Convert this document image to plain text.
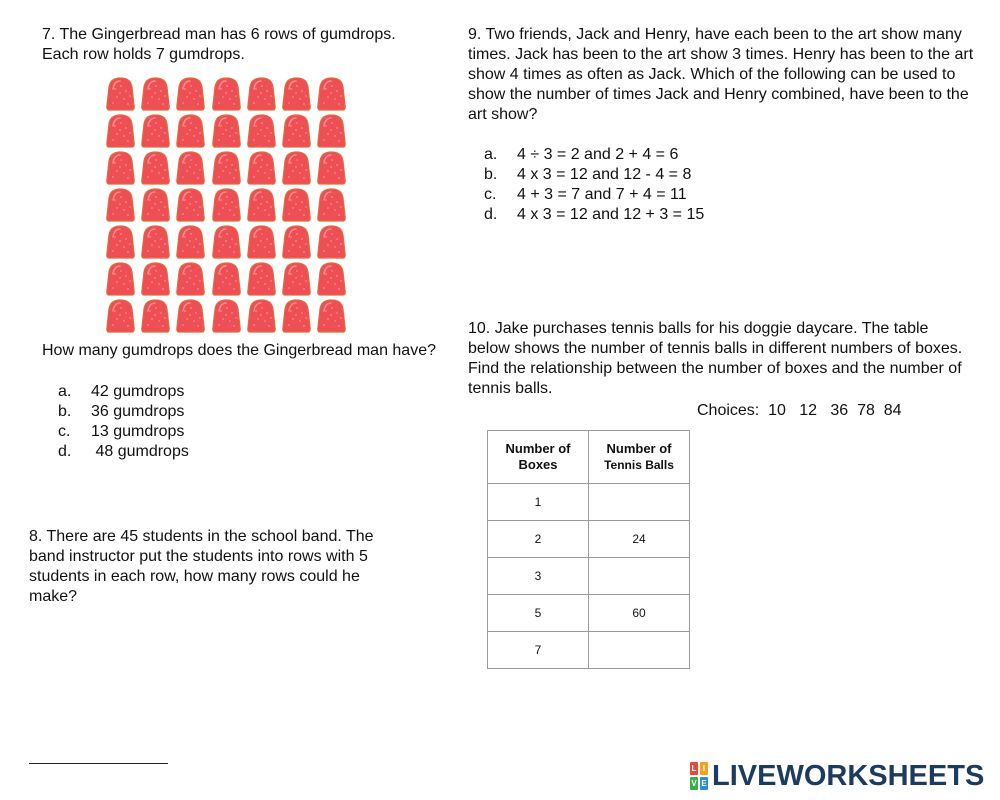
7. The Gingerbread man has 6 rows of gumdrops.
Each row holds 7 gumdrops.
How many gumdrops does the Gingerbread man have?
a.	42 gumdrops
b.	36 gumdrops
c.	13 gumdrops
d.	48 gumdrops
8. There are 45 students in the school band. The band instructor put the students into rows with 5 students in each row, how many rows could he make?
9. Two friends, Jack and Henry, have each been to the art show many times. Jack has been to the art show 3 times. Henry has been to the art show 4 times as often as Jack. Which of the following can be used to show the number of times Jack and Henry combined, have been to the art show?
a.	4 ÷ 3 = 2 and 2 + 4 = 6
b.	4 x 3 = 12 and 12 - 4 = 8
c.	4 + 3 = 7 and 7 + 4 = 11
d.	4 x 3 = 12 and 12 + 3 = 15
10. Jake purchases tennis balls for his doggie daycare. The table below shows the number of tennis balls in different numbers of boxes. Find the relationship between the number of boxes and the number of tennis balls.
Choices:  10   12   36  78  84
Number of Boxes	Number of
Tennis Balls
1	
2	24
3	
5	60
7	
L I
V E LIVEWORKSHEETS
